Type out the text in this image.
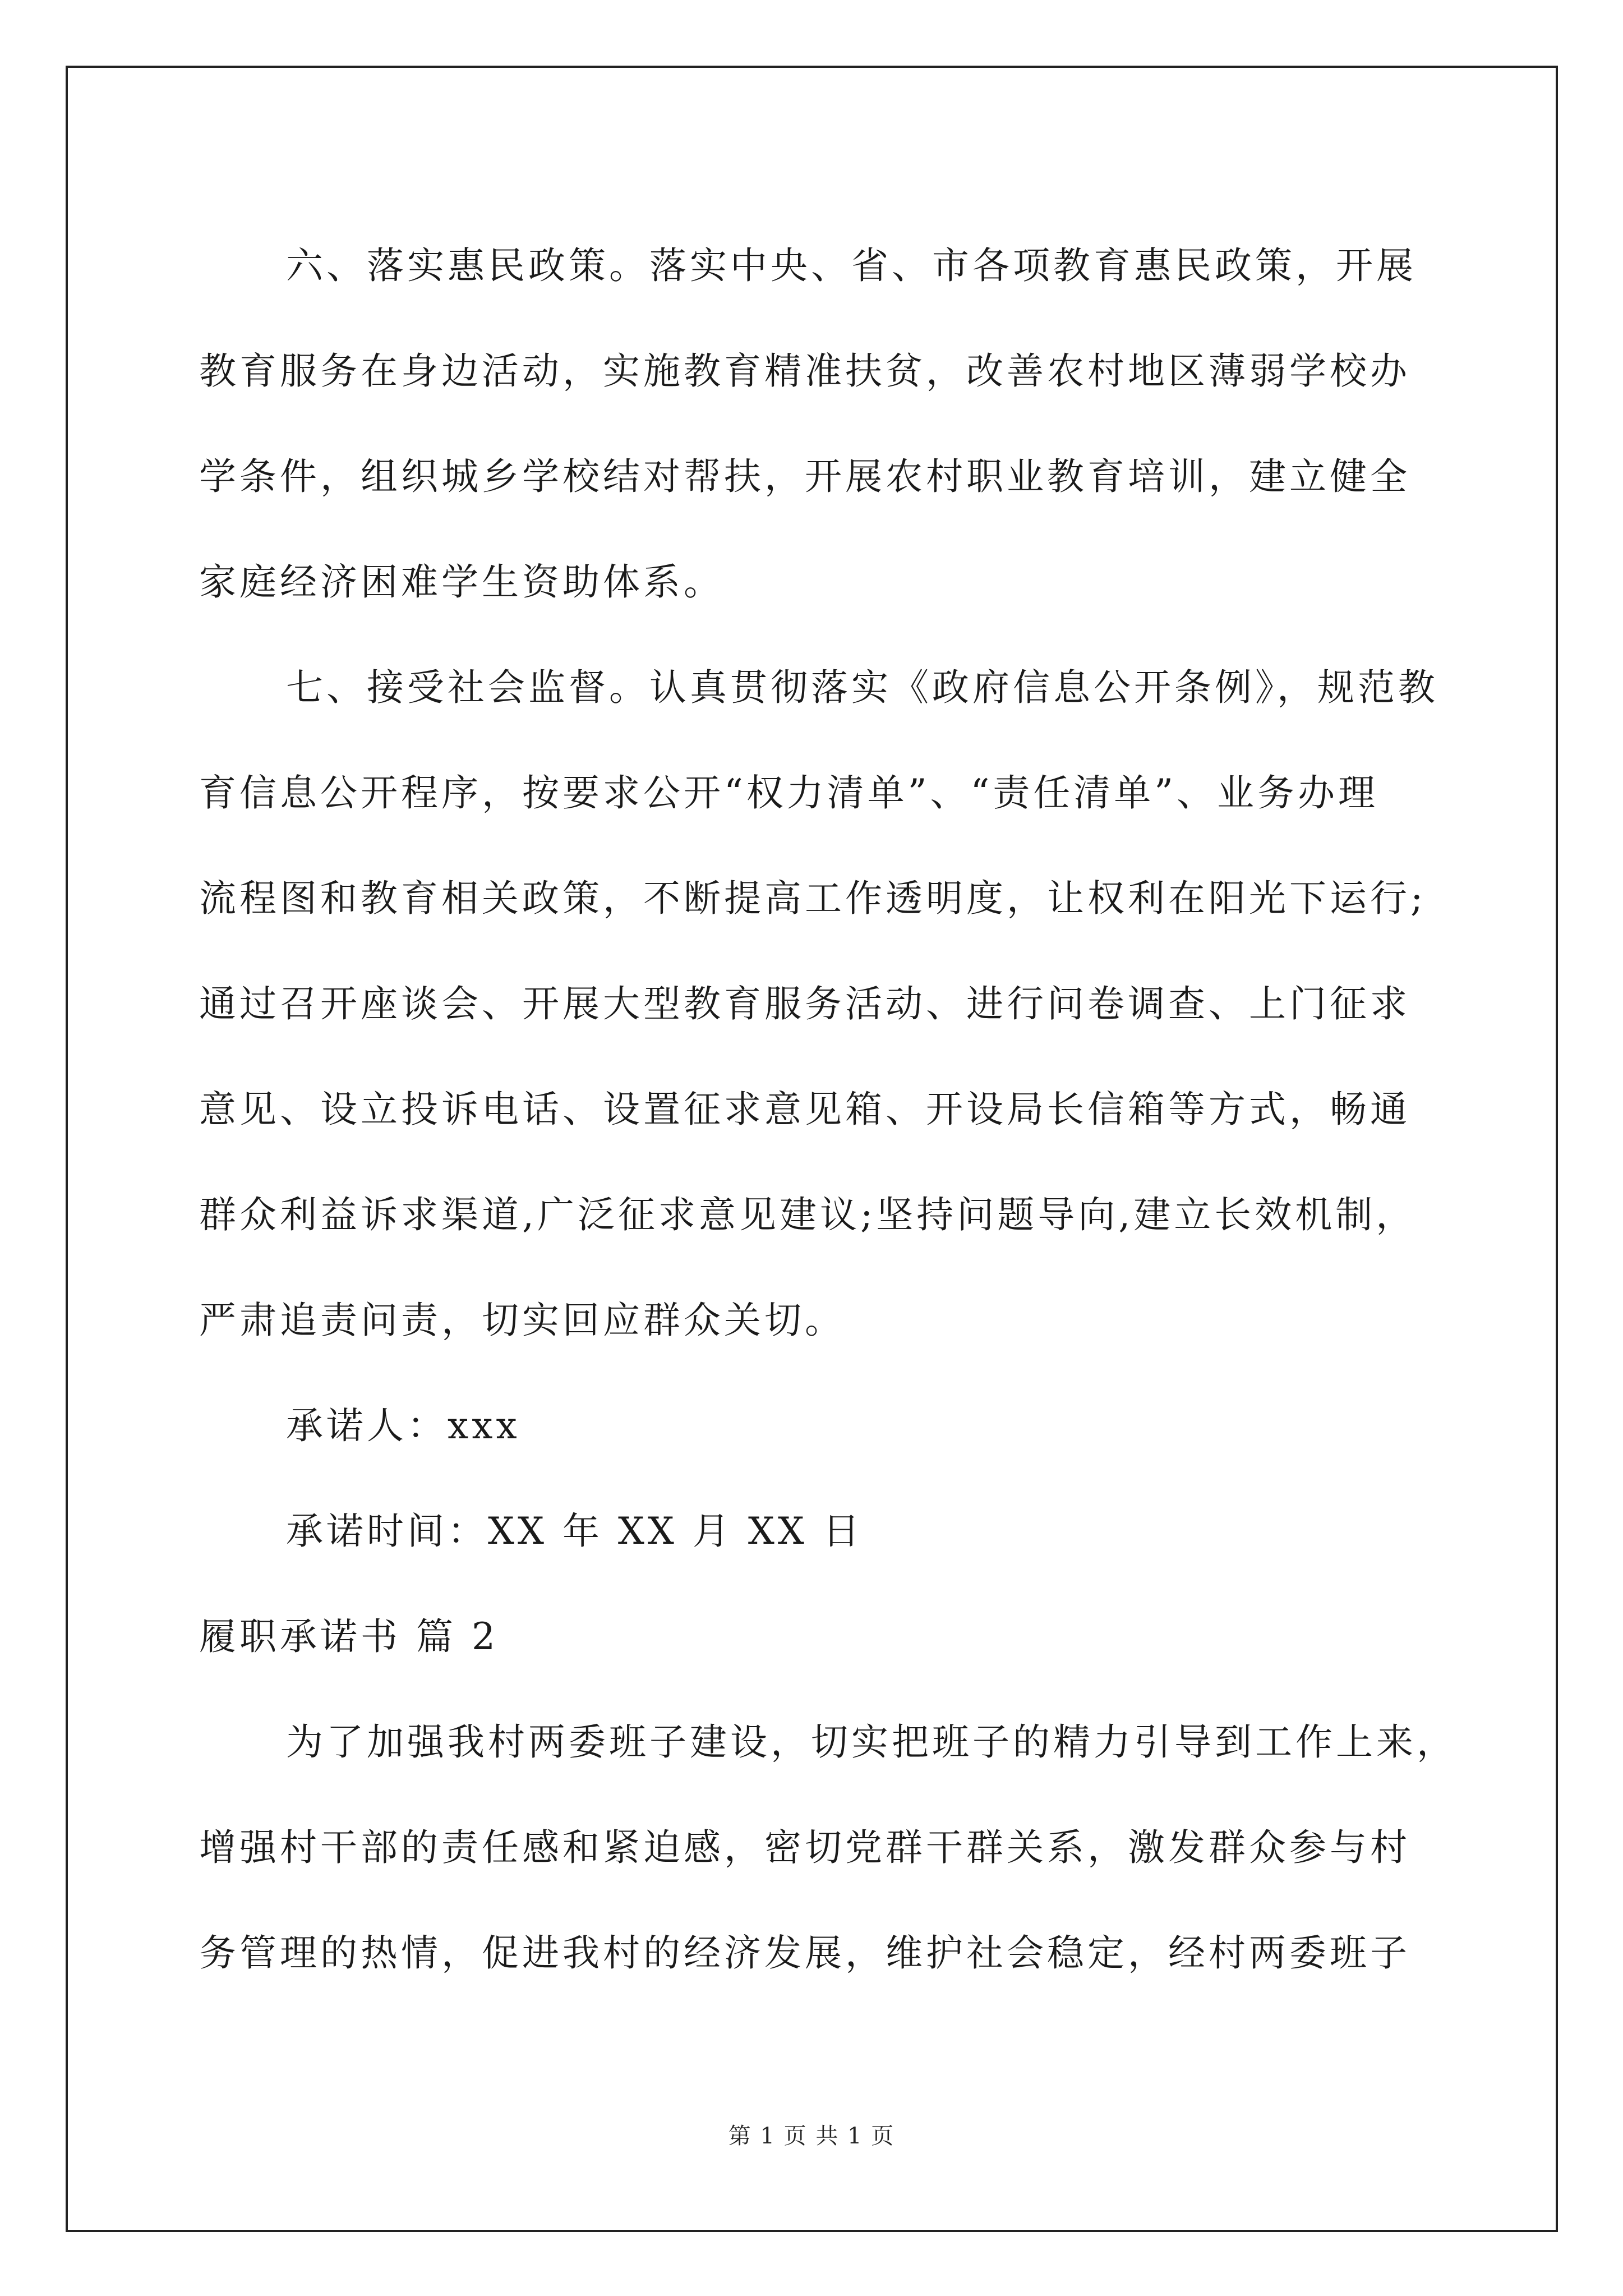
六、落实惠民政策。落实中央、省、市各项教育惠民政策，开展

教育服务在身边活动，实施教育精准扶贫，改善农村地区薄弱学校办

学条件，组织城乡学校结对帮扶，开展农村职业教育培训，建立健全

家庭经济困难学生资助体系。

七、接受社会监督。认真贯彻落实《政府信息公开条例》，规范教

育信息公开程序，按要求公开“权力清单”、“责任清单”、业务办理

流程图和教育相关政策，不断提高工作透明度，让权利在阳光下运行;

通过召开座谈会、开展大型教育服务活动、进行问卷调查、上门征求

意见、设立投诉电话、设置征求意见箱、开设局长信箱等方式，畅通

群众利益诉求渠道,广泛征求意见建议;坚持问题导向,建立长效机制，

严肃追责问责，切实回应群众关切。

承诺人：xxx

承诺时间：XX 年 XX 月 XX 日

履职承诺书 篇 2

为了加强我村两委班子建设，切实把班子的精力引导到工作上来，

增强村干部的责任感和紧迫感，密切党群干群关系，激发群众参与村

务管理的热情，促进我村的经济发展，维护社会稳定，经村两委班子

第 1 页 共 1 页
